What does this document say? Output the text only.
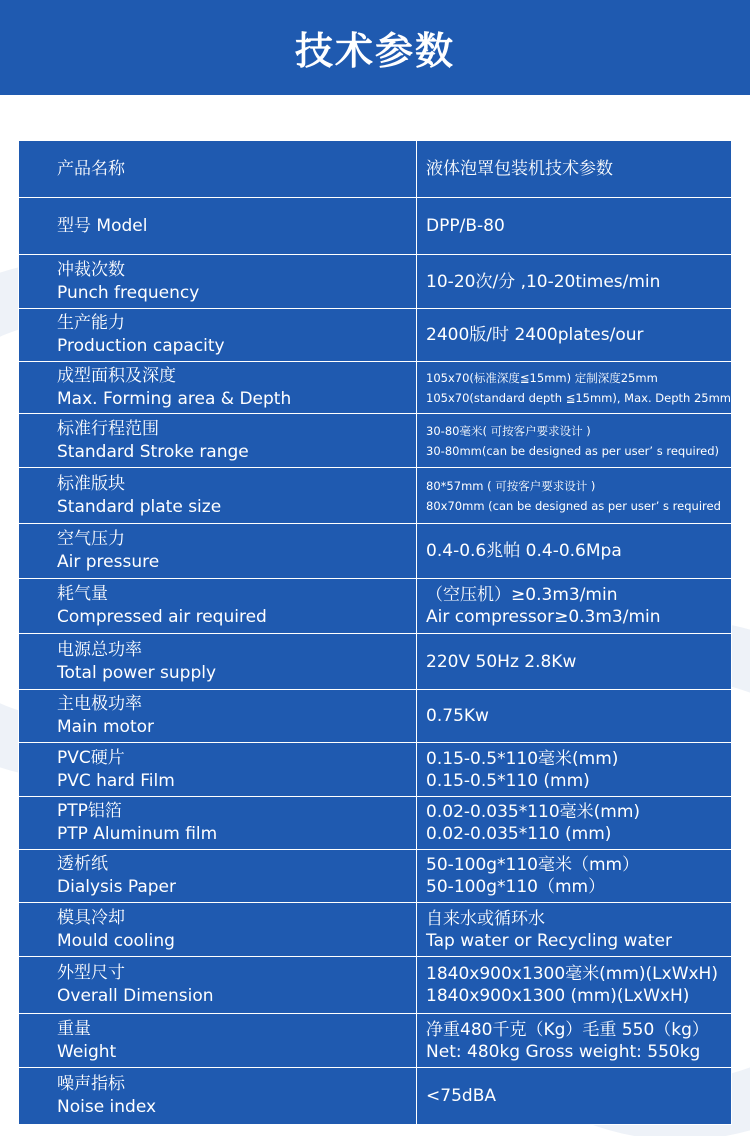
技术参数
产品名称	液体泡罩包装机技术参数

型号 Model	DPP/B-80

冲裁次数
Punch frequency	10-20次/分 ,10-20times/min

生产能力
Production capacity	2400版/时 2400plates/our

成型面积及深度
Max. Forming area & Depth	105x70(标准深度≦15mm) 定制深度25mm
105x70(standard depth ≦15mm), Max. Depth 25mm

标准行程范围
Standard Stroke range	30-80毫米( 可按客户要求设计 )
30-80mm(can be designed as per user’ s required)

标准版块
Standard plate size	80*57mm ( 可按客户要求设计 )
80x70mm (can be designed as per user’ s required

空气压力
Air pressure	0.4-0.6兆帕 0.4-0.6Mpa

耗气量
Compressed air required	（空压机）≥0.3m3/min
Air compressor≥0.3m3/min

电源总功率
Total power supply	220V 50Hz 2.8Kw

主电极功率
Main motor	0.75Kw

PVC硬片
PVC hard Film	0.15-0.5*110毫米(mm)
0.15-0.5*110 (mm)

PTP铝箔
PTP Aluminum film	0.02-0.035*110毫米(mm)
0.02-0.035*110 (mm)

透析纸
Dialysis Paper	50-100g*110毫米（mm）
50-100g*110（mm）

模具冷却
Mould cooling	自来水或循环水
Tap water or Recycling water

外型尺寸
Overall Dimension	1840x900x1300毫米(mm)(LxWxH)
1840x900x1300 (mm)(LxWxH)

重量
Weight	净重480千克（Kg）毛重 550（kg）
Net: 480kg Gross weight: 550kg

噪声指标
Noise index	<75dBA
